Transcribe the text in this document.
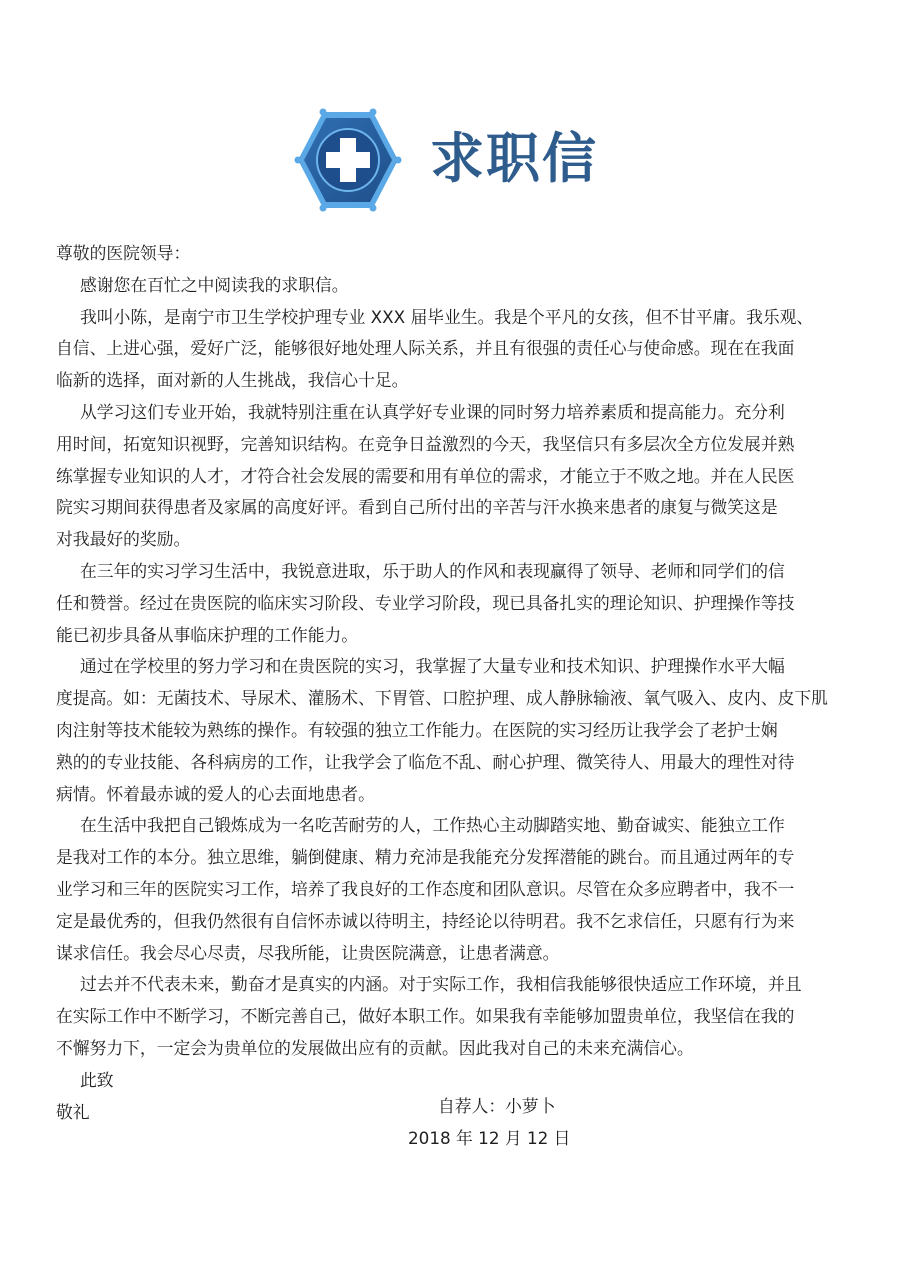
求职信

尊敬的医院领导：

感谢您在百忙之中阅读我的求职信。

我叫小陈，是南宁市卫生学校护理专业 XXX 届毕业生。我是个平凡的女孩，但不甘平庸。我乐观、

自信、上进心强，爱好广泛，能够很好地处理人际关系，并且有很强的责任心与使命感。现在在我面

临新的选择，面对新的人生挑战，我信心十足。

从学习这们专业开始，我就特别注重在认真学好专业课的同时努力培养素质和提高能力。充分利

用时间，拓宽知识视野，完善知识结构。在竞争日益激烈的今天，我坚信只有多层次全方位发展并熟

练掌握专业知识的人才，才符合社会发展的需要和用有单位的需求，才能立于不败之地。并在人民医

院实习期间获得患者及家属的高度好评。看到自己所付出的辛苦与汗水换来患者的康复与微笑这是

对我最好的奖励。

在三年的实习学习生活中，我锐意进取，乐于助人的作风和表现赢得了领导、老师和同学们的信

任和赞誉。经过在贵医院的临床实习阶段、专业学习阶段，现已具备扎实的理论知识、护理操作等技

能已初步具备从事临床护理的工作能力。

通过在学校里的努力学习和在贵医院的实习，我掌握了大量专业和技术知识、护理操作水平大幅

度提高。如：无菌技术、导尿术、灌肠术、下胃管、口腔护理、成人静脉输液、氧气吸入、皮内、皮下肌

肉注射等技术能较为熟练的操作。有较强的独立工作能力。在医院的实习经历让我学会了老护士娴

熟的的专业技能、各科病房的工作，让我学会了临危不乱、耐心护理、微笑待人、用最大的理性对待

病情。怀着最赤诚的爱人的心去面地患者。

在生活中我把自己锻炼成为一名吃苦耐劳的人，工作热心主动脚踏实地、勤奋诚实、能独立工作

是我对工作的本分。独立思维，躺倒健康、精力充沛是我能充分发挥潜能的跳台。而且通过两年的专

业学习和三年的医院实习工作，培养了我良好的工作态度和团队意识。尽管在众多应聘者中，我不一

定是最优秀的，但我仍然很有自信怀赤诚以待明主，持经论以待明君。我不乞求信任，只愿有行为来

谋求信任。我会尽心尽责，尽我所能，让贵医院满意，让患者满意。

过去并不代表未来，勤奋才是真实的内涵。对于实际工作，我相信我能够很快适应工作环境，并且

在实际工作中不断学习，不断完善自己，做好本职工作。如果我有幸能够加盟贵单位，我坚信在我的

不懈努力下，一定会为贵单位的发展做出应有的贡献。因此我对自己的未来充满信心。

此致

敬礼	自荐人：小萝卜

2018 年 12 月 12 日
